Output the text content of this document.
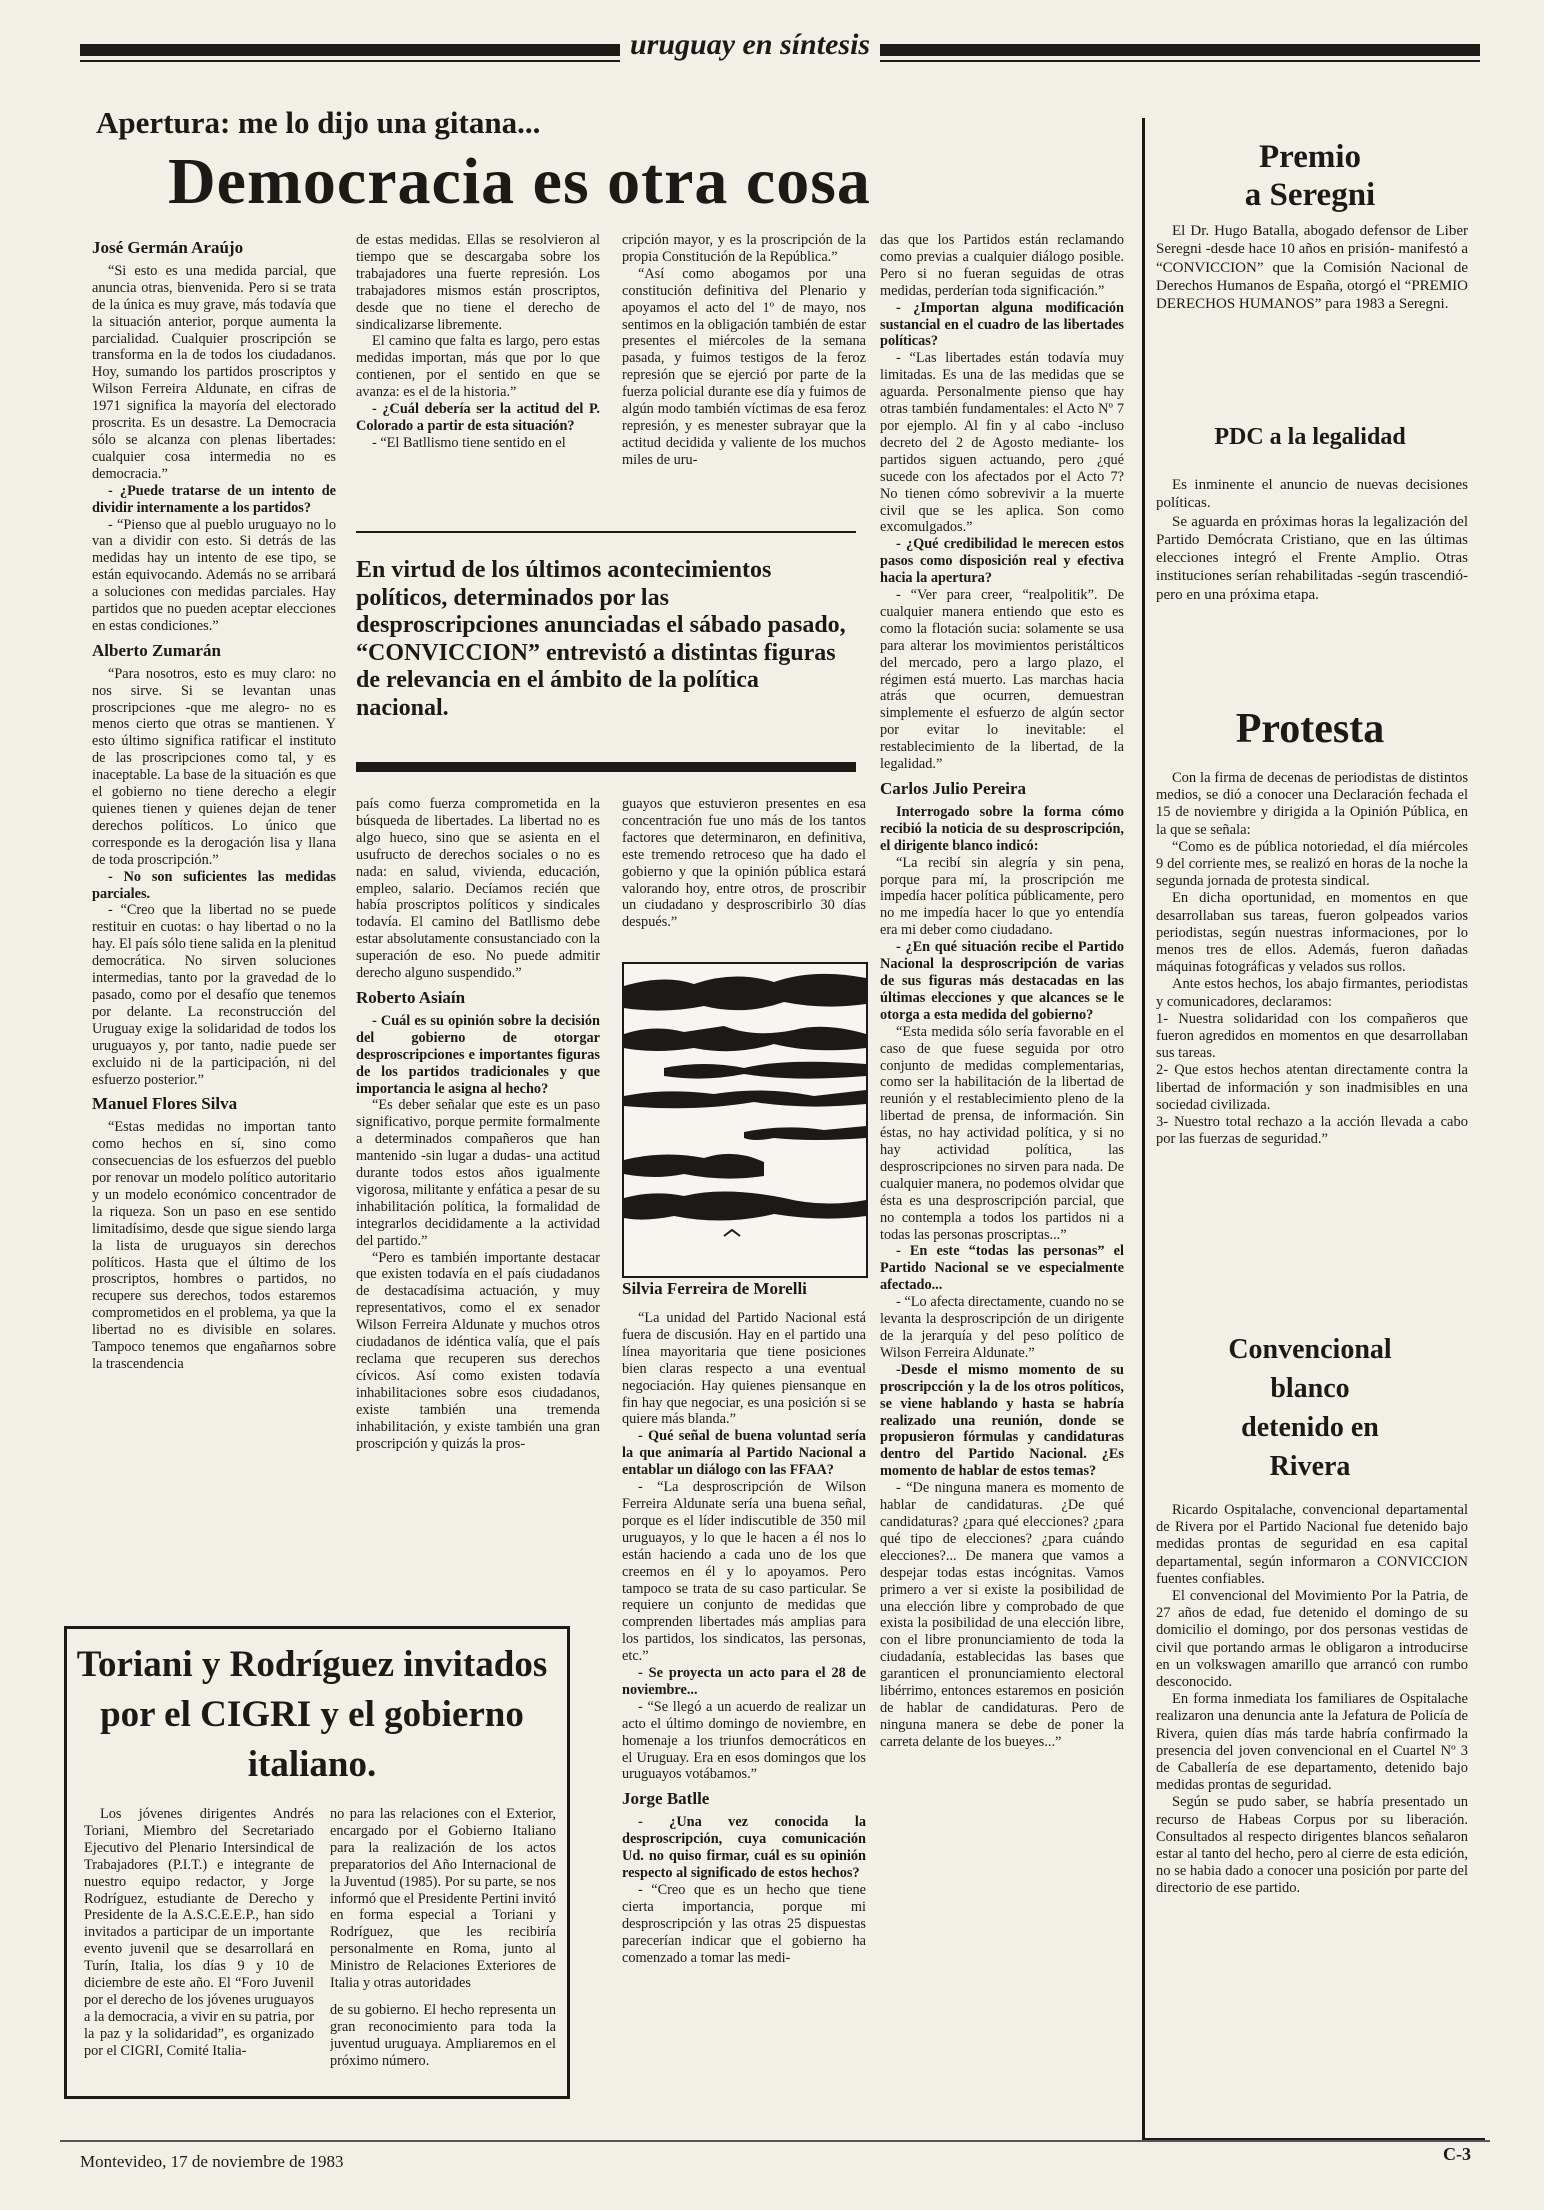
uruguay en síntesis
Apertura: me lo dijo una gitana...
Democracia es otra cosa
José Germán Araújo

“Si esto es una medida parcial, que anuncia otras, bienvenida. Pero si se trata de la única es muy grave, más todavía que la situación anterior, porque aumenta la parcialidad. Cualquier proscripción se transforma en la de todos los ciudadanos. Hoy, sumando los partidos proscriptos y Wilson Ferreira Aldunate, en cifras de 1971 significa la mayoría del electorado proscrita. Es un desastre. La Democracia sólo se alcanza con plenas libertades: cualquier cosa intermedia no es democracia.”

- ¿Puede tratarse de un intento de dividir internamente a los partidos?

- “Pienso que al pueblo uruguayo no lo van a dividir con esto. Si detrás de las medidas hay un intento de ese tipo, se están equivocando. Además no se arribará a soluciones con medidas parciales. Hay partidos que no pueden aceptar elecciones en estas condiciones.”

Alberto Zumarán

“Para nosotros, esto es muy claro: no nos sirve. Si se levantan unas proscripciones -que me alegro- no es menos cierto que otras se mantienen. Y esto último significa ratificar el instituto de las proscripciones como tal, y es inaceptable. La base de la situación es que el gobierno no tiene derecho a elegir quienes tienen y quienes dejan de tener derechos políticos. Lo único que corresponde es la derogación lisa y llana de toda proscripción.”

- No son suficientes las medidas parciales.

- “Creo que la libertad no se puede restituir en cuotas: o hay libertad o no la hay. El país sólo tiene salida en la plenitud democrática. No sirven soluciones intermedias, tanto por la gravedad de lo pasado, como por el desafío que tenemos por delante. La reconstrucción del Uruguay exige la solidaridad de todos los uruguayos y, por tanto, nadie puede ser excluido ni de la participación, ni del esfuerzo posterior.”

Manuel Flores Silva

“Estas medidas no importan tanto como hechos en sí, sino como consecuencias de los esfuerzos del pueblo por renovar un modelo político autoritario y un modelo económico concentrador de la riqueza. Son un paso en ese sentido limitadísimo, desde que sigue siendo larga la lista de uruguayos sin derechos políticos. Hasta que el último de los proscriptos, hombres o partidos, no recupere sus derechos, todos estaremos comprometidos en el problema, ya que la libertad no es divisible en solares. Tampoco tenemos que engañarnos sobre la trascendencia

de estas medidas. Ellas se resolvieron al tiempo que se descargaba sobre los trabajadores una fuerte represión. Los trabajadores mismos están proscriptos, desde que no tiene el derecho de sindicalizarse libremente.

El camino que falta es largo, pero estas medidas importan, más que por lo que contienen, por el sentido en que se avanza: es el de la historia.”

- ¿Cuál debería ser la actitud del P. Colorado a partir de esta situación?

- “El Batllismo tiene sentido en el

cripción mayor, y es la proscripción de la propia Constitución de la República.”

“Así como abogamos por una constitución definitiva del Plenario y apoyamos el acto del 1º de mayo, nos sentimos en la obligación también de estar presentes el miércoles de la semana pasada, y fuimos testigos de la feroz represión que se ejerció por parte de la fuerza policial durante ese día y fuimos de algún modo también víctimas de esa feroz represión, y es menester subrayar que la actitud decidida y valiente de los muchos miles de uru-

En virtud de los últimos acontecimientos políticos, determinados por las desproscripciones anunciadas el sábado pasado, “CONVICCION” entrevistó a distintas figuras de relevancia en el ámbito de la política nacional.

país como fuerza comprometida en la búsqueda de libertades. La libertad no es algo hueco, sino que se asienta en el usufructo de derechos sociales o no es nada: en salud, vivienda, educación, empleo, salario. Decíamos recién que había proscriptos políticos y sindicales todavía. El camino del Batllismo debe estar absolutamente consustanciado con la superación de eso. No puede admitir derecho alguno suspendido.”

Roberto Asiaín

- Cuál es su opinión sobre la decisión del gobierno de otorgar desproscripciones e importantes figuras de los partidos tradicionales y que importancia le asigna al hecho?

“Es deber señalar que este es un paso significativo, porque permite formalmente a determinados compañeros que han mantenido -sin lugar a dudas- una actitud durante todos estos años igualmente vigorosa, militante y enfática a pesar de su inhabilitación política, la formalidad de integrarlos decididamente a la actividad del partido.”

“Pero es también importante destacar que existen todavía en el país ciudadanos de destacadísima actuación, y muy representativos, como el ex senador Wilson Ferreira Aldunate y muchos otros ciudadanos de idéntica valía, que el país reclama que recuperen sus derechos cívicos. Así como existen todavía inhabilitaciones sobre esos ciudadanos, existe también una tremenda inhabilitación, y existe también una gran proscripción y quizás la pros-

guayos que estuvieron presentes en esa concentración fue uno más de los tantos factores que determinaron, en definitiva, este tremendo retroceso que ha dado el gobierno y que la opinión pública estará valorando hoy, entre otros, de proscribir un ciudadano y desproscribirlo 30 días después.”

Silvia Ferreira de Morelli

“La unidad del Partido Nacional está fuera de discusión. Hay en el partido una línea mayoritaria que tiene posiciones bien claras respecto a una eventual negociación. Hay quienes piensanque en fin hay que negociar, es una posición si se quiere más blanda.”

- Qué señal de buena voluntad sería la que animaría al Partido Nacional a entablar un diálogo con las FFAA?

- “La desproscripción de Wilson Ferreira Aldunate sería una buena señal, porque es el líder indiscutible de 350 mil uruguayos, y lo que le hacen a él nos lo están haciendo a cada uno de los que creemos en él y lo apoyamos. Pero tampoco se trata de su caso particular. Se requiere un conjunto de medidas que comprenden libertades más amplias para los partidos, los sindicatos, las personas, etc.”

- Se proyecta un acto para el 28 de noviembre...

- “Se llegó a un acuerdo de realizar un acto el último domingo de noviembre, en homenaje a los triunfos democráticos en el Uruguay. Era en esos domingos que los uruguayos votábamos.”

Jorge Batlle

- ¿Una vez conocida la desproscripción, cuya comunicación Ud. no quiso firmar, cuál es su opinión respecto al significado de estos hechos?

- “Creo que es un hecho que tiene cierta importancia, porque mi desproscripción y las otras 25 dispuestas parecerían indicar que el gobierno ha comenzado a tomar las medi-

das que los Partidos están reclamando como previas a cualquier diálogo posible. Pero si no fueran seguidas de otras medidas, perderían toda significación.”

- ¿Importan alguna modificación sustancial en el cuadro de las libertades políticas?

- “Las libertades están todavía muy limitadas. Es una de las medidas que se aguarda. Personalmente pienso que hay otras también fundamentales: el Acto Nº 7 por ejemplo. Al fin y al cabo -incluso decreto del 2 de Agosto mediante- los partidos siguen actuando, pero ¿qué sucede con los afectados por el Acto 7? No tienen cómo sobrevivir a la muerte civil que se les aplica. Son como excomulgados.”

- ¿Qué credibilidad le merecen estos pasos como disposición real y efectiva hacia la apertura?

- “Ver para creer, “realpolitik”. De cualquier manera entiendo que esto es como la flotación sucia: solamente se usa para alterar los movimientos peristálticos del mercado, pero a largo plazo, el régimen está muerto. Las marchas hacia atrás que ocurren, demuestran simplemente el esfuerzo de algún sector por evitar lo inevitable: el restablecimiento de la libertad, de la legalidad.”

Carlos Julio Pereira

Interrogado sobre la forma cómo recibió la noticia de su desproscripción, el dirigente blanco indicó:

“La recibí sin alegría y sin pena, porque para mí, la proscripción me impedía hacer política públicamente, pero no me impedía hacer lo que yo entendía era mi deber como ciudadano.

- ¿En qué situación recibe el Partido Nacional la desproscripción de varias de sus figuras más destacadas en las últimas elecciones y que alcances se le otorga a esta medida del gobierno?

“Esta medida sólo sería favorable en el caso de que fuese seguida por otro conjunto de medidas complementarias, como ser la habilitación de la libertad de reunión y el restablecimiento pleno de la libertad de prensa, de información. Sin éstas, no hay actividad política, y si no hay actividad política, las desproscripciones no sirven para nada. De cualquier manera, no podemos olvidar que ésta es una desproscripción parcial, que no contempla a todos los partidos ni a todas las personas proscriptas...”

- En este “todas las personas” el Partido Nacional se ve especialmente afectado...

- “Lo afecta directamente, cuando no se levanta la desproscripción de un dirigente de la jerarquía y del peso político de Wilson Ferreira Aldunate.”

-Desde el mismo momento de su proscripcción y la de los otros políticos, se viene hablando y hasta se habría realizado una reunión, donde se propusieron fórmulas y candidaturas dentro del Partido Nacional. ¿Es momento de hablar de estos temas?

- “De ninguna manera es momento de hablar de candidaturas. ¿De qué candidaturas? ¿para qué elecciones? ¿para qué tipo de elecciones? ¿para cuándo elecciones?... De manera que vamos a despejar todas estas incógnitas. Vamos primero a ver si existe la posibilidad de una elección libre y comprobado de que exista la posibilidad de una elección libre, con el libre pronunciamiento de toda la ciudadanía, establecidas las bases que garanticen el pronunciamiento electoral libérrimo, entonces estaremos en posición de hablar de candidaturas. Pero de ninguna manera se debe de poner la carreta delante de los bueyes...”

Toriani y Rodríguez invitados por el CIGRI y el gobierno italiano.

Los jóvenes dirigentes Andrés Toriani, Miembro del Secretariado Ejecutivo del Plenario Intersindical de Trabajadores (P.I.T.) e integrante de nuestro equipo redactor, y Jorge Rodríguez, estudiante de Derecho y Presidente de la A.S.C.E.E.P., han sido invitados a participar de un importante evento juvenil que se desarrollará en Turín, Italia, los días 9 y 10 de diciembre de este año. El “Foro Juvenil por el derecho de los jóvenes uruguayos a la democracia, a vivir en su patria, por la paz y la solidaridad”, es organizado por el CIGRI, Comité Italia-

no para las relaciones con el Exterior, encargado por el Gobierno Italiano para la realización de los actos preparatorios del Año Internacional de la Juventud (1985). Por su parte, se nos informó que el Presidente Pertini invitó en forma especial a Toriani y Rodríguez, que les recibiría personalmente en Roma, junto al Ministro de Relaciones Exteriores de Italia y otras autoridades

de su gobierno. El hecho representa un gran reconocimiento para toda la juventud uruguaya. Ampliaremos en el próximo número.

Premio
a Seregni

El Dr. Hugo Batalla, abogado defensor de Liber Seregni -desde hace 10 años en prisión- manifestó a “CONVICCION” que la Comisión Nacional de Derechos Humanos de España, otorgó el “PREMIO DERECHOS HUMANOS” para 1983 a Seregni.

PDC a la legalidad

Es inminente el anuncio de nuevas decisiones políticas.

Se aguarda en próximas horas la legalización del Partido Demócrata Cristiano, que en las últimas elecciones integró el Frente Amplio. Otras instituciones serían rehabilitadas -según trascendió- pero en una próxima etapa.

Protesta

Con la firma de decenas de periodistas de distintos medios, se dió a conocer una Declaración fechada el 15 de noviembre y dirigida a la Opinión Pública, en la que se señala:

“Como es de pública notoriedad, el día miércoles 9 del corriente mes, se realizó en horas de la noche la segunda jornada de protesta sindical.

En dicha oportunidad, en momentos en que desarrollaban sus tareas, fueron golpeados varios periodistas, según nuestras informaciones, por lo menos tres de ellos. Además, fueron dañadas máquinas fotográficas y velados sus rollos.

Ante estos hechos, los abajo firmantes, periodistas y comunicadores, declaramos:

1- Nuestra solidaridad con los compañeros que fueron agredidos en momentos en que desarrollaban sus tareas.

2- Que estos hechos atentan directamente contra la libertad de información y son inadmisibles en una sociedad civilizada.

3- Nuestro total rechazo a la acción llevada a cabo por las fuerzas de seguridad.”

Convencional
blanco
detenido en
Rivera

Ricardo Ospitalache, convencional departamental de Rivera por el Partido Nacional fue detenido bajo medidas prontas de seguridad en esa capital departamental, según informaron a CONVICCION fuentes confiables.

El convencional del Movimiento Por la Patria, de 27 años de edad, fue detenido el domingo de su domicilio el domingo, por dos personas vestidas de civil que portando armas le obligaron a introducirse en un volkswagen amarillo que arrancó con rumbo desconocido.

En forma inmediata los familiares de Ospitalache realizaron una denuncia ante la Jefatura de Policía de Rivera, quien días más tarde habría confirmado la presencia del joven convencional en el Cuartel Nº 3 de Caballería de ese departamento, detenido bajo medidas prontas de seguridad.

Según se pudo saber, se habría presentado un recurso de Habeas Corpus por su liberación. Consultados al respecto dirigentes blancos señalaron estar al tanto del hecho, pero al cierre de esta edición, no se habia dado a conocer una posición por parte del directorio de ese partido.

Montevideo, 17 de noviembre de 1983	C-3
